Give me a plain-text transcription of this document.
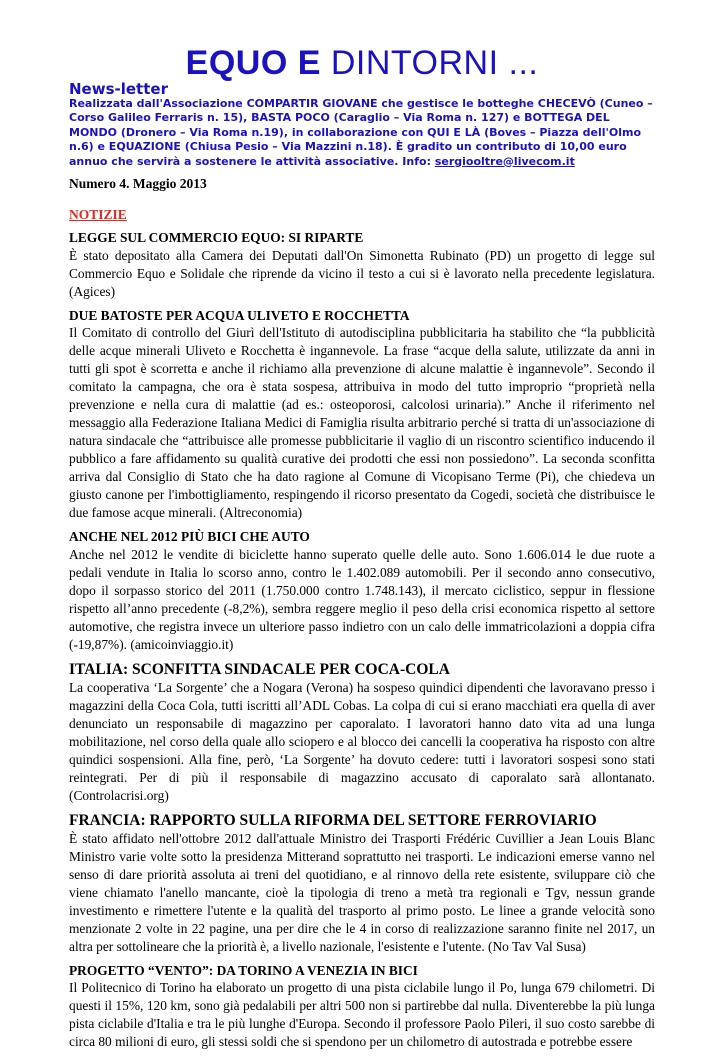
EQUO E DINTORNI ...
News-letter
Realizzata dall'Associazione COMPARTIR GIOVANE che gestisce le botteghe CHECEVÒ (Cuneo – Corso Galileo Ferraris n. 15), BASTA POCO (Caraglio – Via Roma n. 127) e BOTTEGA DEL MONDO (Dronero – Via Roma n.19), in collaborazione con QUI E LÀ (Boves – Piazza dell'Olmo n.6) e EQUAZIONE (Chiusa Pesio – Via Mazzini n.18). È gradito un contributo di 10,00 euro annuo che servirà a sostenere le attività associative. Info: sergiooltre@livecom.it
Numero 4. Maggio 2013
NOTIZIE
LEGGE SUL COMMERCIO EQUO: SI RIPARTE

È stato depositato alla Camera dei Deputati dall'On Simonetta Rubinato (PD) un progetto di legge sul Commercio Equo e Solidale che riprende da vicino il testo a cui si è lavorato nella precedente legislatura. (Agices)

DUE BATOSTE PER ACQUA ULIVETO E ROCCHETTA

Il Comitato di controllo del Giurì dell'Istituto di autodisciplina pubblicitaria ha stabilito che “la pubblicità delle acque minerali Uliveto e Rocchetta è ingannevole. La frase “acque della salute, utilizzate da anni in tutti gli spot è scorretta e anche il richiamo alla prevenzione di alcune malattie è ingannevole”. Secondo il comitato la campagna, che ora è stata sospesa, attribuiva in modo del tutto improprio “proprietà nella prevenzione e nella cura di malattie (ad es.: osteoporosi, calcolosi urinaria).” Anche il riferimento nel messaggio alla Federazione Italiana Medici di Famiglia risulta arbitrario perché si tratta di un'associazione di natura sindacale che “attribuisce alle promesse pubblicitarie il vaglio di un riscontro scientifico inducendo il pubblico a fare affidamento su qualità curative dei prodotti che essi non possiedono”. La seconda sconfitta arriva dal Consiglio di Stato che ha dato ragione al Comune di Vicopisano Terme (Pi), che chiedeva un giusto canone per l'imbottigliamento, respingendo il ricorso presentato da Cogedi, società che distribuisce le due famose acque minerali. (Altreconomia)

ANCHE NEL 2012 PIÙ BICI CHE AUTO

Anche nel 2012 le vendite di biciclette hanno superato quelle delle auto. Sono 1.606.014 le due ruote a pedali vendute in Italia lo scorso anno, contro le 1.402.089 automobili. Per il secondo anno consecutivo, dopo il sorpasso storico del 2011 (1.750.000 contro 1.748.143), il mercato ciclistico, seppur in flessione rispetto all’anno precedente (-8,2%), sembra reggere meglio il peso della crisi economica rispetto al settore automotive, che registra invece un ulteriore passo indietro con un calo delle immatricolazioni a doppia cifra (-19,87%). (amicoinviaggio.it)

ITALIA: SCONFITTA SINDACALE PER COCA-COLA

La cooperativa ‘La Sorgente’ che a Nogara (Verona) ha sospeso quindici dipendenti che lavoravano presso i magazzini della Coca Cola, tutti iscritti all’ADL Cobas. La colpa di cui si erano macchiati era quella di aver denunciato un responsabile di magazzino per caporalato. I lavoratori hanno dato vita ad una lunga mobilitazione, nel corso della quale allo sciopero e al blocco dei cancelli la cooperativa ha risposto con altre quindici sospensioni. Alla fine, però, ‘La Sorgente’ ha dovuto cedere: tutti i lavoratori sospesi sono stati reintegrati. Per di più il responsabile di magazzino accusato di caporalato sarà allontanato. (Controlacrisi.org)

FRANCIA: RAPPORTO SULLA RIFORMA DEL SETTORE FERROVIARIO

È stato affidato nell'ottobre 2012 dall'attuale Ministro dei Trasporti Frédéric Cuvillier a Jean Louis Blanc Ministro varie volte sotto la presidenza Mitterand soprattutto nei trasporti. Le indicazioni emerse vanno nel senso di dare priorità assoluta ai treni del quotidiano, e al rinnovo della rete esistente, sviluppare ciò che viene chiamato l'anello mancante, cioè la tipologia di treno a metà tra regionali e Tgv, nessun grande investimento e rimettere l'utente e la qualità del trasporto al primo posto. Le linee a grande velocità sono menzionate 2 volte in 22 pagine, una per dire che le 4 in corso di realizzazione saranno finite nel 2017, un altra per sottolineare che la priorità è, a livello nazionale, l'esistente e l'utente. (No Tav Val Susa)

PROGETTO “VENTO”: DA TORINO A VENEZIA IN BICI

Il Politecnico di Torino ha elaborato un progetto di una pista ciclabile lungo il Po, lunga 679 chilometri. Di questi il 15%, 120 km, sono già pedalabili per altri 500 non si partirebbe dal nulla. Diventerebbe la più lunga pista ciclabile d'Italia e tra le più lunghe d'Europa. Secondo il professore Paolo Pileri, il suo costo sarebbe di circa 80 milioni di euro, gli stessi soldi che si spendono per un chilometro di autostrada e potrebbe essere
